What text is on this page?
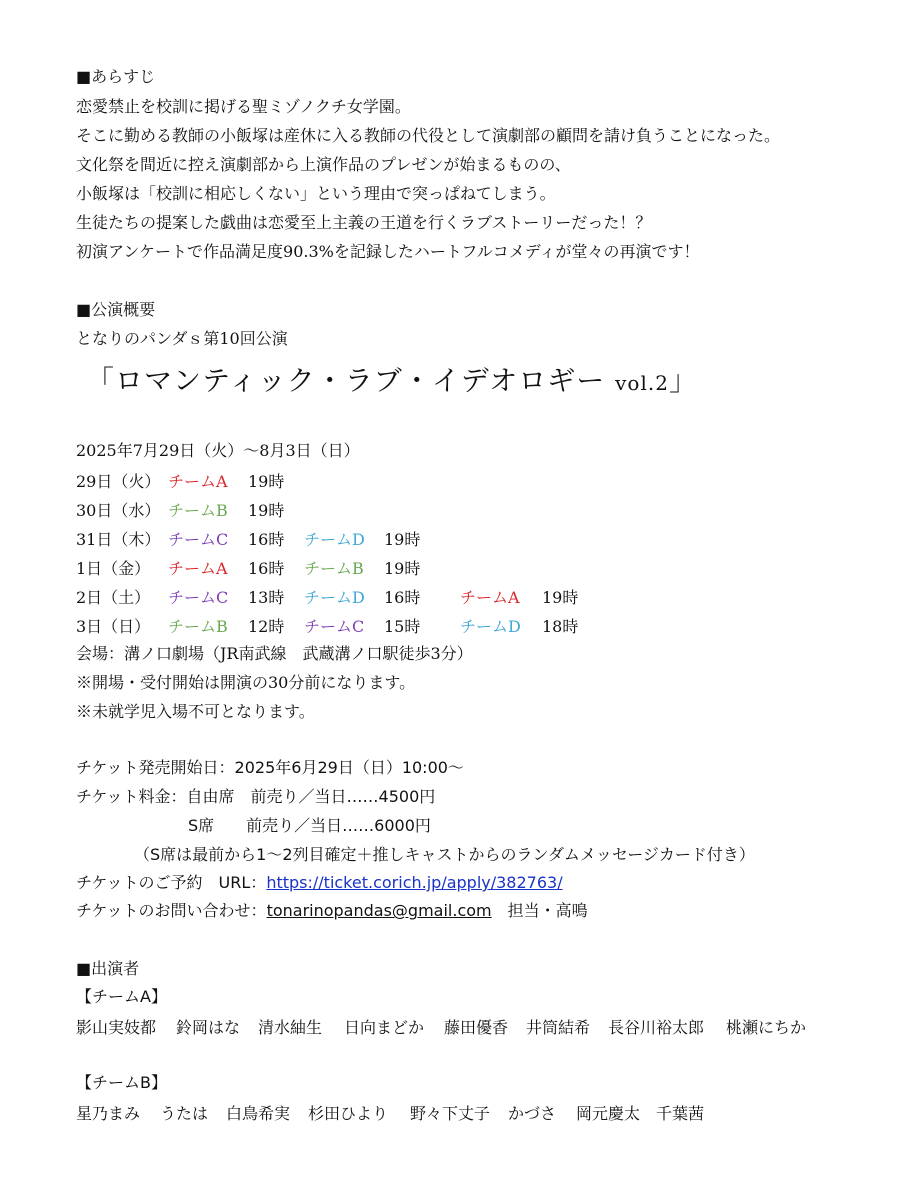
■あらすじ
恋愛禁止を校訓に掲げる聖ミゾノクチ女学園。
そこに勤める教師の小飯塚は産休に入る教師の代役として演劇部の顧問を請け負うことになった。
文化祭を間近に控え演劇部から上演作品のプレゼンが始まるものの、
小飯塚は「校訓に相応しくない」という理由で突っぱねてしまう。
生徒たちの提案した戯曲は恋愛至上主義の王道を行くラブストーリーだった！？
初演アンケートで作品満足度90.3%を記録したハートフルコメディが堂々の再演です！
■公演概要
となりのパンダｓ第10回公演
「ロマンティック・ラブ・イデオロギー vol.2」
2025年7月29日（火）〜8月3日（日）
29日（火） チームA 19時
30日（水） チームB 19時
31日（木） チームC 16時 チームD 19時
1日（金） チームA 16時 チームB 19時
2日（土） チームC 13時 チームD 16時 チームA 19時
3日（日） チームB 12時 チームC 15時 チームD 18時
会場：溝ノ口劇場（JR南武線　武蔵溝ノ口駅徒歩3分）
※開場・受付開始は開演の30分前になります。
※未就学児入場不可となります。
チケット発売開始日：2025年6月29日（日）10:00〜
チケット料金：自由席　前売り／当日……4500円
S席　　前売り／当日……6000円
（S席は最前から1〜2列目確定＋推しキャストからのランダムメッセージカード付き）
チケットのご予約　URL：https://ticket.corich.jp/apply/382763/
チケットのお問い合わせ：tonarinopandas@gmail.com 担当・高鳴
■出演者
【チームA】
影山実妓都 鈴岡はな 清水紬生 日向まどか 藤田優香 井筒結希 長谷川裕太郎 桃瀬にちか
【チームB】
星乃まみ うたは 白鳥希実 杉田ひより 野々下丈子 かづさ 岡元慶太 千葉茜
